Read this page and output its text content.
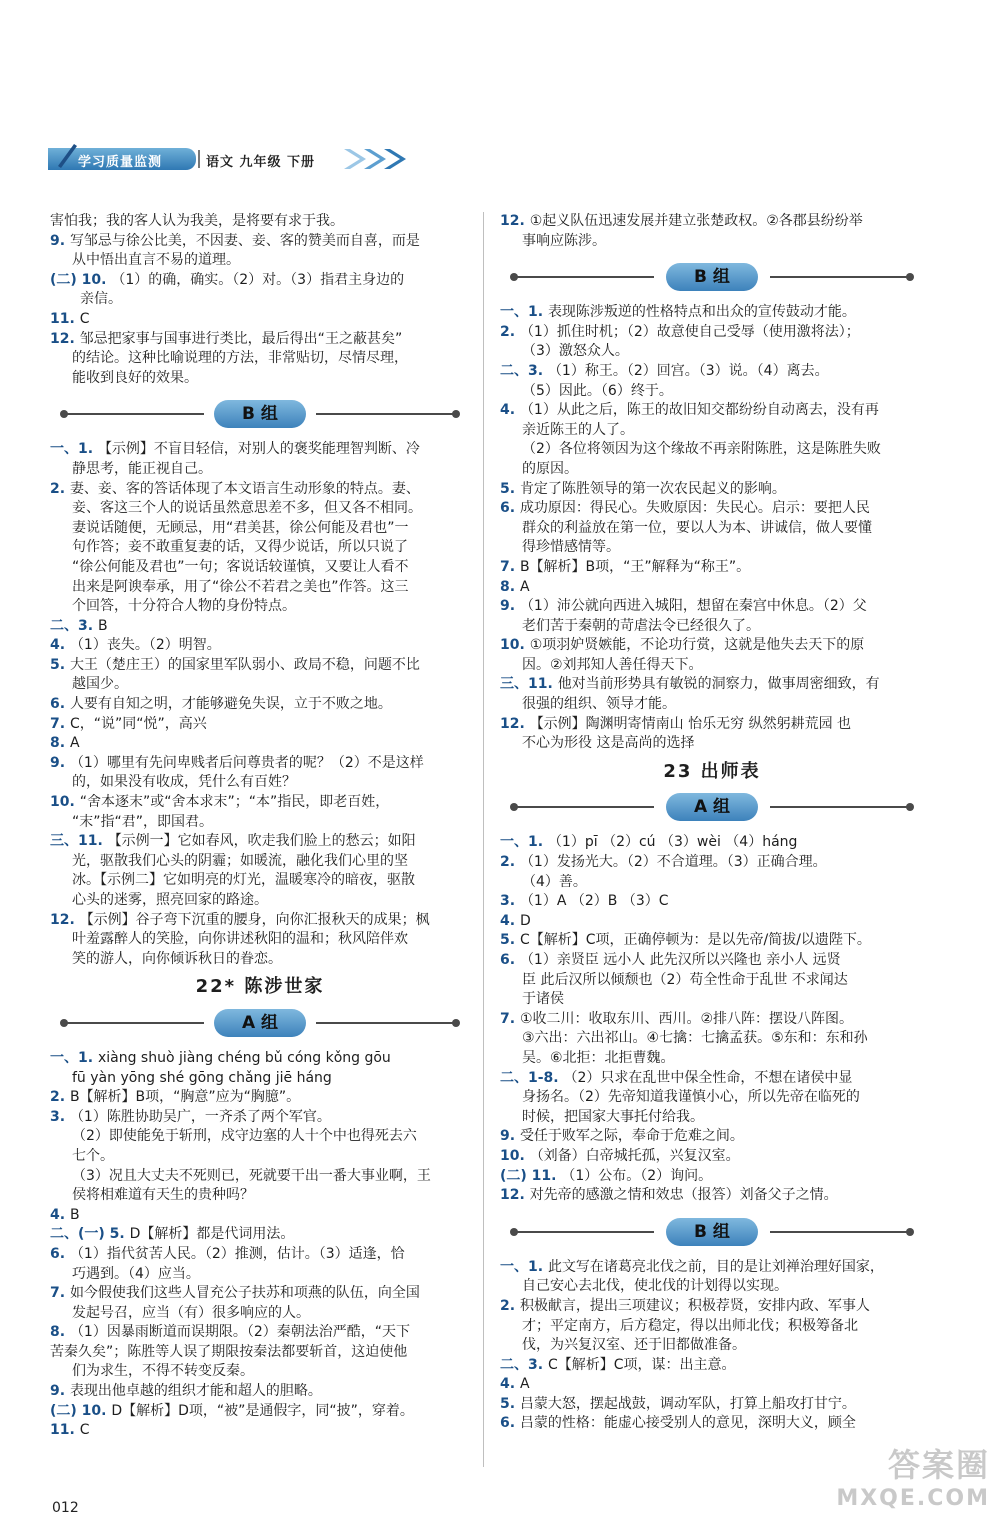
学习质量监测	语文 九年级 下册
害怕我；我的客人认为我美，是将要有求于我。
9. 写邹忌与徐公比美，不因妻、妾、客的赞美而自喜，而是
从中悟出直言不易的道理。
(二) 10. （1）的确，确实。（2）对。（3）指君主身边的
亲信。
11. C
12. 邹忌把家事与国事进行类比，最后得出“王之蔽甚矣”
的结论。这种比喻说理的方法，非常贴切，尽情尽理，
能收到良好的效果。
B 组
一、1. 【示例】不盲目轻信，对别人的褒奖能理智判断、冷
静思考，能正视自己。
2. 妻、妾、客的答话体现了本文语言生动形象的特点。妻、
妾、客这三个人的说话虽然意思差不多，但又各不相同。
妻说话随便，无顾忌，用“君美甚，徐公何能及君也”一
句作答；妾不敢重复妻的话，又得少说话，所以只说了
“徐公何能及君也”一句；客说话较谨慎，又要让人看不
出来是阿谀奉承，用了“徐公不若君之美也”作答。这三
个回答，十分符合人物的身份特点。
二、3. B
4. （1）丧失。（2）明智。
5. 大王（楚庄王）的国家里军队弱小、政局不稳，问题不比
越国少。
6. 人要有自知之明，才能够避免失误，立于不败之地。
7. C，“说”同“悦”，高兴
8. A
9. （1）哪里有先问卑贱者后问尊贵者的呢？（2）不是这样
的，如果没有收成，凭什么有百姓？
10. “舍本逐末”或“舍本求末”；“本”指民，即老百姓，
“末”指“君”，即国君。
三、11. 【示例一】它如春风，吹走我们脸上的愁云；如阳
光，驱散我们心头的阴霾；如暖流，融化我们心里的坚
冰。【示例二】它如明亮的灯光，温暖寒冷的暗夜，驱散
心头的迷雾，照亮回家的路途。
12. 【示例】谷子弯下沉重的腰身，向你汇报秋天的成果；枫
叶羞露醉人的笑脸，向你讲述秋阳的温和；秋风陪伴欢
笑的游人，向你倾诉秋日的眷恋。
22* 陈涉世家
A 组
一、1. xiàng shuò jiàng chéng bǔ cóng kǒng gōu
fū yàn yōng shé gōng chǎng jiē háng
2. B【解析】B项，“胸意”应为“胸臆”。
3. （1）陈胜协助吴广，一齐杀了两个军官。
（2）即使能免于斩刑，戍守边塞的人十个中也得死去六
七个。
（3）况且大丈夫不死则已，死就要干出一番大事业啊，王
侯将相难道有天生的贵种吗？
4. B
二、(一) 5. D【解析】都是代词用法。
6. （1）指代贫苦人民。（2）推测，估计。（3）适逢，恰
巧遇到。（4）应当。
7. 如今假使我们这些人冒充公子扶苏和项燕的队伍，向全国
发起号召，应当（有）很多响应的人。
8. （1）因暴雨断道而误期限。（2）秦朝法治严酷，“天下
苦秦久矣”；陈胜等人误了期限按秦法都要斩首，这迫使他
们为求生，不得不转变反秦。
9. 表现出他卓越的组织才能和超人的胆略。
(二) 10. D【解析】D项，“被”是通假字，同“披”，穿着。
11. C
12. ①起义队伍迅速发展并建立张楚政权。②各郡县纷纷举
事响应陈涉。
B 组
一、1. 表现陈涉叛逆的性格特点和出众的宣传鼓动才能。
2. （1）抓住时机；（2）故意使自己受辱（使用激将法）；
（3）激怒众人。
二、3. （1）称王。（2）回宫。（3）说。（4）离去。
（5）因此。（6）终于。
4. （1）从此之后，陈王的故旧知交都纷纷自动离去，没有再
亲近陈王的人了。
（2）各位将领因为这个缘故不再亲附陈胜，这是陈胜失败
的原因。
5. 肯定了陈胜领导的第一次农民起义的影响。
6. 成功原因：得民心。失败原因：失民心。启示：要把人民
群众的利益放在第一位，要以人为本、讲诚信，做人要懂
得珍惜感情等。
7. B【解析】B项，“王”解释为“称王”。
8. A
9. （1）沛公就向西进入城阳，想留在秦宫中休息。（2）父
老们苦于秦朝的苛虐法令已经很久了。
10. ①项羽妒贤嫉能，不论功行赏，这就是他失去天下的原
因。②刘邦知人善任得天下。
三、11. 他对当前形势具有敏锐的洞察力，做事周密细致，有
很强的组织、领导才能。
12. 【示例】陶渊明寄情南山 怡乐无穷 纵然躬耕荒园 也
不心为形役 这是高尚的选择
23 出师表
A 组
一、1. （1）pī （2）cú （3）wèi （4）háng
2. （1）发扬光大。（2）不合道理。（3）正确合理。
（4）善。
3. （1）A （2）B （3）C
4. D
5. C【解析】C项，正确停顿为：是以先帝/简拔/以遗陛下。
6. （1）亲贤臣 远小人 此先汉所以兴隆也 亲小人 远贤
臣 此后汉所以倾颓也（2）苟全性命于乱世 不求闻达
于诸侯
7. ①收二川：收取东川、西川。②排八阵：摆设八阵图。
③六出：六出祁山。④七擒：七擒孟获。⑤东和：东和孙
吴。⑥北拒：北拒曹魏。
二、1-8. （2）只求在乱世中保全性命，不想在诸侯中显
身扬名。（2）先帝知道我谨慎小心，所以先帝在临死的
时候，把国家大事托付给我。
9. 受任于败军之际，奉命于危难之间。
10. （刘备）白帝城托孤，兴复汉室。
(二) 11. （1）公布。（2）询问。
12. 对先帝的感激之情和效忠（报答）刘备父子之情。
B 组
一、1. 此文写在诸葛亮北伐之前，目的是让刘禅治理好国家，
自己安心去北伐，使北伐的计划得以实现。
2. 积极献言，提出三项建议；积极荐贤，安排内政、军事人
才；平定南方，后方稳定，得以出师北伐；积极筹备北
伐，为兴复汉室、还于旧都做准备。
二、3. C【解析】C项，谋：出主意。
4. A
5. 吕蒙大怒，摆起战鼓，调动军队，打算上船攻打甘宁。
6. 吕蒙的性格：能虚心接受别人的意见，深明大义，顾全
012
答案圈
MXQE.COM
